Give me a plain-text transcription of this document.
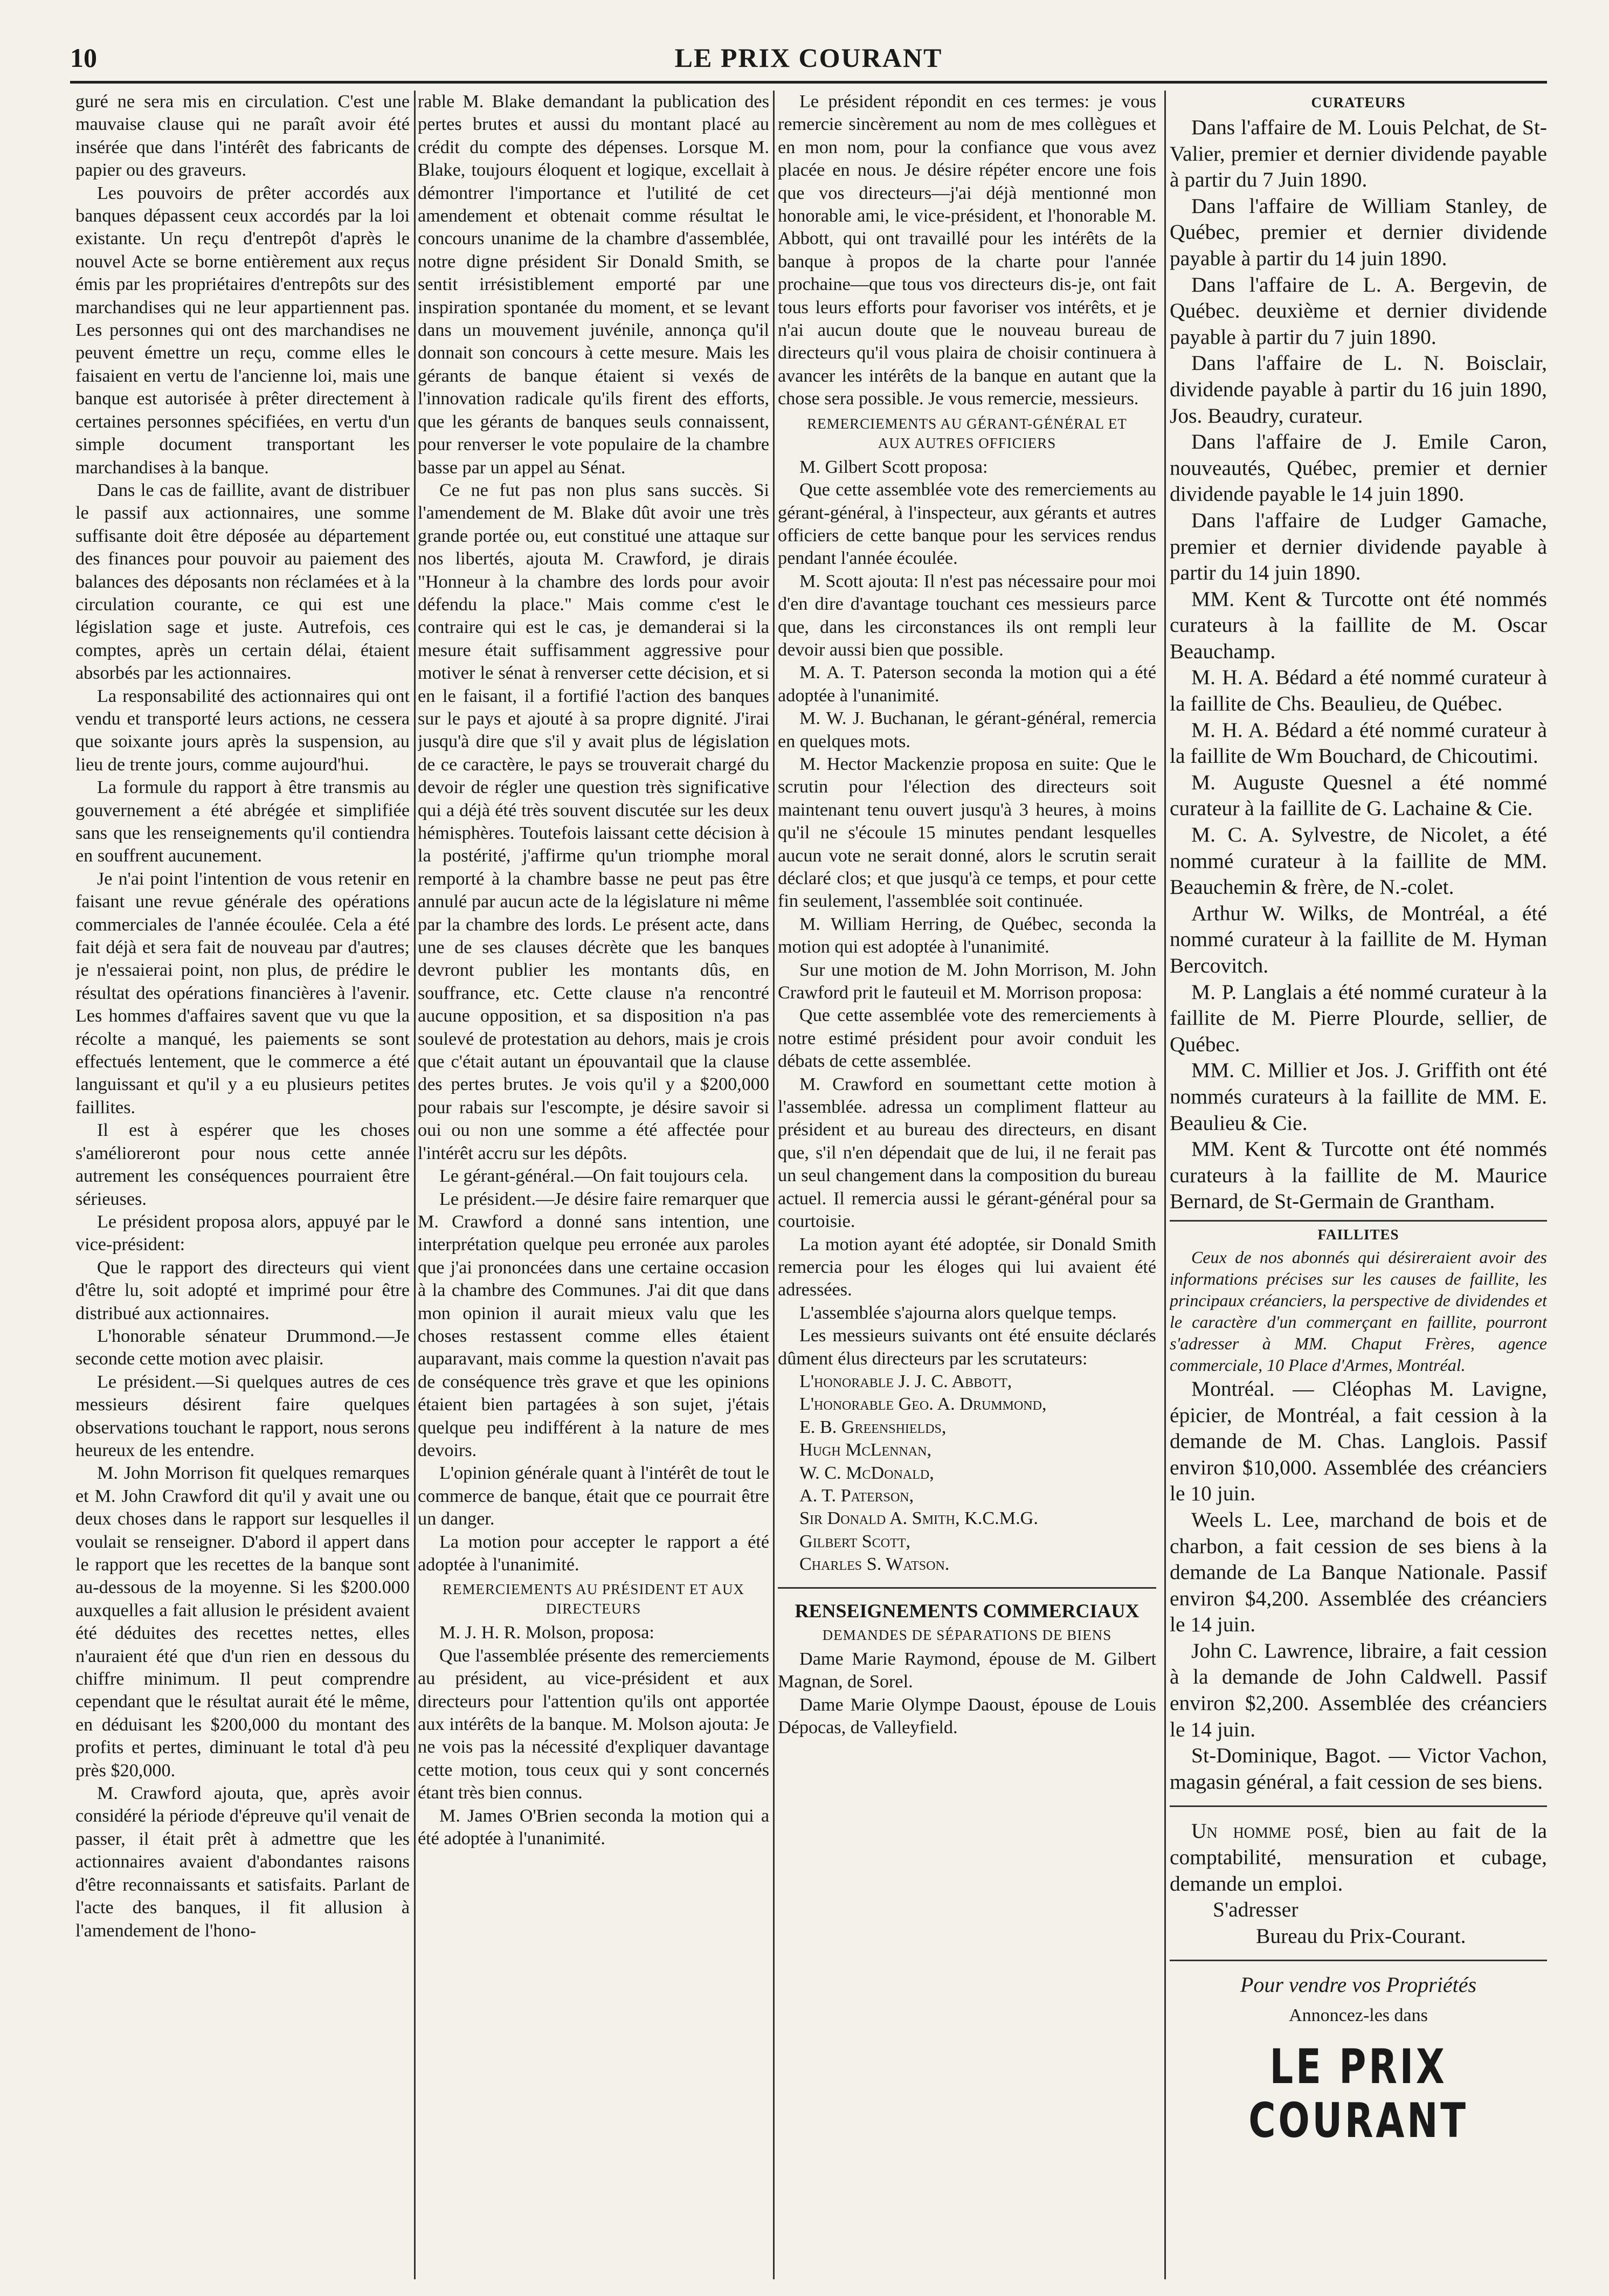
10	LE PRIX COURANT

guré ne sera mis en circulation. C'est une mauvaise clause qui ne paraît avoir été insérée que dans l'intérêt des fabricants de papier ou des graveurs.

Les pouvoirs de prêter accordés aux banques dépassent ceux accordés par la loi existante. Un reçu d'entrepôt d'après le nouvel Acte se borne entièrement aux reçus émis par les propriétaires d'entrepôts sur des marchandises qui ne leur appartiennent pas. Les personnes qui ont des marchandises ne peuvent émettre un reçu, comme elles le faisaient en vertu de l'ancienne loi, mais une banque est autorisée à prêter directement à certaines personnes spécifiées, en vertu d'un simple document transportant les marchandises à la banque.

Dans le cas de faillite, avant de distribuer le passif aux actionnaires, une somme suffisante doit être déposée au département des finances pour pouvoir au paiement des balances des déposants non réclamées et à la circulation courante, ce qui est une législation sage et juste. Autrefois, ces comptes, après un certain délai, étaient absorbés par les actionnaires.

La responsabilité des actionnaires qui ont vendu et transporté leurs actions, ne cessera que soixante jours après la suspension, au lieu de trente jours, comme aujourd'hui.

La formule du rapport à être transmis au gouvernement a été abrégée et simplifiée sans que les renseignements qu'il contiendra en souffrent aucunement.

Je n'ai point l'intention de vous retenir en faisant une revue générale des opérations commerciales de l'année écoulée. Cela a été fait déjà et sera fait de nouveau par d'autres; je n'essaierai point, non plus, de prédire le résultat des opérations financières à l'avenir. Les hommes d'affaires savent que vu que la récolte a manqué, les paiements se sont effectués lentement, que le commerce a été languissant et qu'il y a eu plusieurs petites faillites.

Il est à espérer que les choses s'amélioreront pour nous cette année autrement les conséquences pourraient être sérieuses.

Le président proposa alors, appuyé par le vice-président:

Que le rapport des directeurs qui vient d'être lu, soit adopté et imprimé pour être distribué aux actionnaires.

L'honorable sénateur Drummond.—Je seconde cette motion avec plaisir.

Le président.—Si quelques autres de ces messieurs désirent faire quelques observations touchant le rapport, nous serons heureux de les entendre.

M. John Morrison fit quelques remarques et M. John Crawford dit qu'il y avait une ou deux choses dans le rapport sur lesquelles il voulait se renseigner. D'abord il appert dans le rapport que les recettes de la banque sont au-dessous de la moyenne. Si les $200.000 auxquelles a fait allusion le président avaient été déduites des recettes nettes, elles n'auraient été que d'un rien en dessous du chiffre minimum. Il peut comprendre cependant que le résultat aurait été le même, en déduisant les $200,000 du montant des profits et pertes, diminuant le total d'à peu près $20,000.

M. Crawford ajouta, que, après avoir considéré la période d'épreuve qu'il venait de passer, il était prêt à admettre que les actionnaires avaient d'abondantes raisons d'être reconnaissants et satisfaits. Parlant de l'acte des banques, il fit allusion à l'amendement de l'hono-

rable M. Blake demandant la publication des pertes brutes et aussi du montant placé au crédit du compte des dépenses. Lorsque M. Blake, toujours éloquent et logique, excellait à démontrer l'importance et l'utilité de cet amendement et obtenait comme résultat le concours unanime de la chambre d'assemblée, notre digne président Sir Donald Smith, se sentit irrésistiblement emporté par une inspiration spontanée du moment, et se levant dans un mouvement juvénile, annonça qu'il donnait son concours à cette mesure. Mais les gérants de banque étaient si vexés de l'innovation radicale qu'ils firent des efforts, que les gérants de banques seuls connaissent, pour renverser le vote populaire de la chambre basse par un appel au Sénat.

Ce ne fut pas non plus sans succès. Si l'amendement de M. Blake dût avoir une très grande portée ou, eut constitué une attaque sur nos libertés, ajouta M. Crawford, je dirais "Honneur à la chambre des lords pour avoir défendu la place." Mais comme c'est le contraire qui est le cas, je demanderai si la mesure était suffisamment aggressive pour motiver le sénat à renverser cette décision, et si en le faisant, il a fortifié l'action des banques sur le pays et ajouté à sa propre dignité. J'irai jusqu'à dire que s'il y avait plus de législation de ce caractère, le pays se trouverait chargé du devoir de régler une question très significative qui a déjà été très souvent discutée sur les deux hémisphères. Toutefois laissant cette décision à la postérité, j'affirme qu'un triomphe moral remporté à la chambre basse ne peut pas être annulé par aucun acte de la législature ni même par la chambre des lords. Le présent acte, dans une de ses clauses décrète que les banques devront publier les montants dûs, en souffrance, etc. Cette clause n'a rencontré aucune opposition, et sa disposition n'a pas soulevé de protestation au dehors, mais je crois que c'était autant un épouvantail que la clause des pertes brutes. Je vois qu'il y a $200,000 pour rabais sur l'escompte, je désire savoir si oui ou non une somme a été affectée pour l'intérêt accru sur les dépôts.

Le gérant-général.—On fait toujours cela.

Le président.—Je désire faire remarquer que M. Crawford a donné sans intention, une interprétation quelque peu erronée aux paroles que j'ai prononcées dans une certaine occasion à la chambre des Communes. J'ai dit que dans mon opinion il aurait mieux valu que les choses restassent comme elles étaient auparavant, mais comme la question n'avait pas de conséquence très grave et que les opinions étaient bien partagées à son sujet, j'étais quelque peu indifférent à la nature de mes devoirs.

L'opinion générale quant à l'intérêt de tout le commerce de banque, était que ce pourrait être un danger.

La motion pour accepter le rapport a été adoptée à l'unanimité.

REMERCIEMENTS AU PRÉSIDENT ET AUX
DIRECTEURS

M. J. H. R. Molson, proposa:

Que l'assemblée présente des remerciements au président, au vice-président et aux directeurs pour l'attention qu'ils ont apportée aux intérêts de la banque. M. Molson ajouta: Je ne vois pas la nécessité d'expliquer davantage cette motion, tous ceux qui y sont concernés étant très bien connus.

M. James O'Brien seconda la motion qui a été adoptée à l'unanimité.

Le président répondit en ces termes: je vous remercie sincèrement au nom de mes collègues et en mon nom, pour la confiance que vous avez placée en nous. Je désire répéter encore une fois que vos directeurs—j'ai déjà mentionné mon honorable ami, le vice-président, et l'honorable M. Abbott, qui ont travaillé pour les intérêts de la banque à propos de la charte pour l'année prochaine—que tous vos directeurs dis-je, ont fait tous leurs efforts pour favoriser vos intérêts, et je n'ai aucun doute que le nouveau bureau de directeurs qu'il vous plaira de choisir continuera à avancer les intérêts de la banque en autant que la chose sera possible. Je vous remercie, messieurs.

REMERCIEMENTS AU GÉRANT-GÉNÉRAL ET
AUX AUTRES OFFICIERS

M. Gilbert Scott proposa:

Que cette assemblée vote des remerciements au gérant-général, à l'inspecteur, aux gérants et autres officiers de cette banque pour les services rendus pendant l'année écoulée.

M. Scott ajouta: Il n'est pas nécessaire pour moi d'en dire d'avantage touchant ces messieurs parce que, dans les circonstances ils ont rempli leur devoir aussi bien que possible.

M. A. T. Paterson seconda la motion qui a été adoptée à l'unanimité.

M. W. J. Buchanan, le gérant-général, remercia en quelques mots.

M. Hector Mackenzie proposa en suite: Que le scrutin pour l'élection des directeurs soit maintenant tenu ouvert jusqu'à 3 heures, à moins qu'il ne s'écoule 15 minutes pendant lesquelles aucun vote ne serait donné, alors le scrutin serait déclaré clos; et que jusqu'à ce temps, et pour cette fin seulement, l'assemblée soit continuée.

M. William Herring, de Québec, seconda la motion qui est adoptée à l'unanimité.

Sur une motion de M. John Morrison, M. John Crawford prit le fauteuil et M. Morrison proposa:

Que cette assemblée vote des remerciements à notre estimé président pour avoir conduit les débats de cette assemblée.

M. Crawford en soumettant cette motion à l'assemblée. adressa un compliment flatteur au président et au bureau des directeurs, en disant que, s'il n'en dépendait que de lui, il ne ferait pas un seul changement dans la composition du bureau actuel. Il remercia aussi le gérant-général pour sa courtoisie.

La motion ayant été adoptée, sir Donald Smith remercia pour les éloges qui lui avaient été adressées.

L'assemblée s'ajourna alors quelque temps.

Les messieurs suivants ont été ensuite déclarés dûment élus directeurs par les scrutateurs:

L'honorable J. J. C. Abbott,
L'honorable Geo. A. Drummond,
E. B. Greenshields,
Hugh McLennan,
W. C. McDonald,
A. T. Paterson,
Sir Donald A. Smith, K.C.M.G.
Gilbert Scott,
Charles S. Watson.
RENSEIGNEMENTS COMMERCIAUX
DEMANDES DE SÉPARATIONS DE BIENS

Dame Marie Raymond, épouse de M. Gilbert Magnan, de Sorel.

Dame Marie Olympe Daoust, épouse de Louis Dépocas, de Valleyfield.

CURATEURS

Dans l'affaire de M. Louis Pelchat, de St-Valier, premier et dernier dividende payable à partir du 7 Juin 1890.

Dans l'affaire de William Stanley, de Québec, premier et dernier dividende payable à partir du 14 juin 1890.

Dans l'affaire de L. A. Bergevin, de Québec. deuxième et dernier dividende payable à partir du 7 juin 1890.

Dans l'affaire de L. N. Boisclair, dividende payable à partir du 16 juin 1890, Jos. Beaudry, curateur.

Dans l'affaire de J. Emile Caron, nouveautés, Québec, premier et dernier dividende payable le 14 juin 1890.

Dans l'affaire de Ludger Gamache, premier et dernier dividende payable à partir du 14 juin 1890.

MM. Kent & Turcotte ont été nommés curateurs à la faillite de M. Oscar Beauchamp.

M. H. A. Bédard a été nommé curateur à la faillite de Chs. Beaulieu, de Québec.

M. H. A. Bédard a été nommé curateur à la faillite de Wm Bouchard, de Chicoutimi.

M. Auguste Quesnel a été nommé curateur à la faillite de G. Lachaine & Cie.

M. C. A. Sylvestre, de Nicolet, a été nommé curateur à la faillite de MM. Beauchemin & frère, de N.-colet.

Arthur W. Wilks, de Montréal, a été nommé curateur à la faillite de M. Hyman Bercovitch.

M. P. Langlais a été nommé curateur à la faillite de M. Pierre Plourde, sellier, de Québec.

MM. C. Millier et Jos. J. Griffith ont été nommés curateurs à la faillite de MM. E. Beaulieu & Cie.

MM. Kent & Turcotte ont été nommés curateurs à la faillite de M. Maurice Bernard, de St-Germain de Grantham.

FAILLITES

Ceux de nos abonnés qui désireraient avoir des informations précises sur les causes de faillite, les principaux créanciers, la perspective de dividendes et le caractère d'un commerçant en faillite, pourront s'adresser à MM. Chaput Frères, agence commerciale, 10 Place d'Armes, Montréal.

Montréal. — Cléophas M. Lavigne, épicier, de Montréal, a fait cession à la demande de M. Chas. Langlois. Passif environ $10,000. Assemblée des créanciers le 10 juin.

Weels L. Lee, marchand de bois et de charbon, a fait cession de ses biens à la demande de La Banque Nationale. Passif environ $4,200. Assemblée des créanciers le 14 juin.

John C. Lawrence, libraire, a fait cession à la demande de John Caldwell. Passif environ $2,200. Assemblée des créanciers le 14 juin.

St-Dominique, Bagot. — Victor Vachon, magasin général, a fait cession de ses biens.

Un homme posé, bien au fait de la comptabilité, mensuration et cubage, demande un emploi.

S'adresser
Bureau du Prix-Courant.
Pour vendre vos Propriétés
Annoncez-les dans
LE PRIX COURANT
